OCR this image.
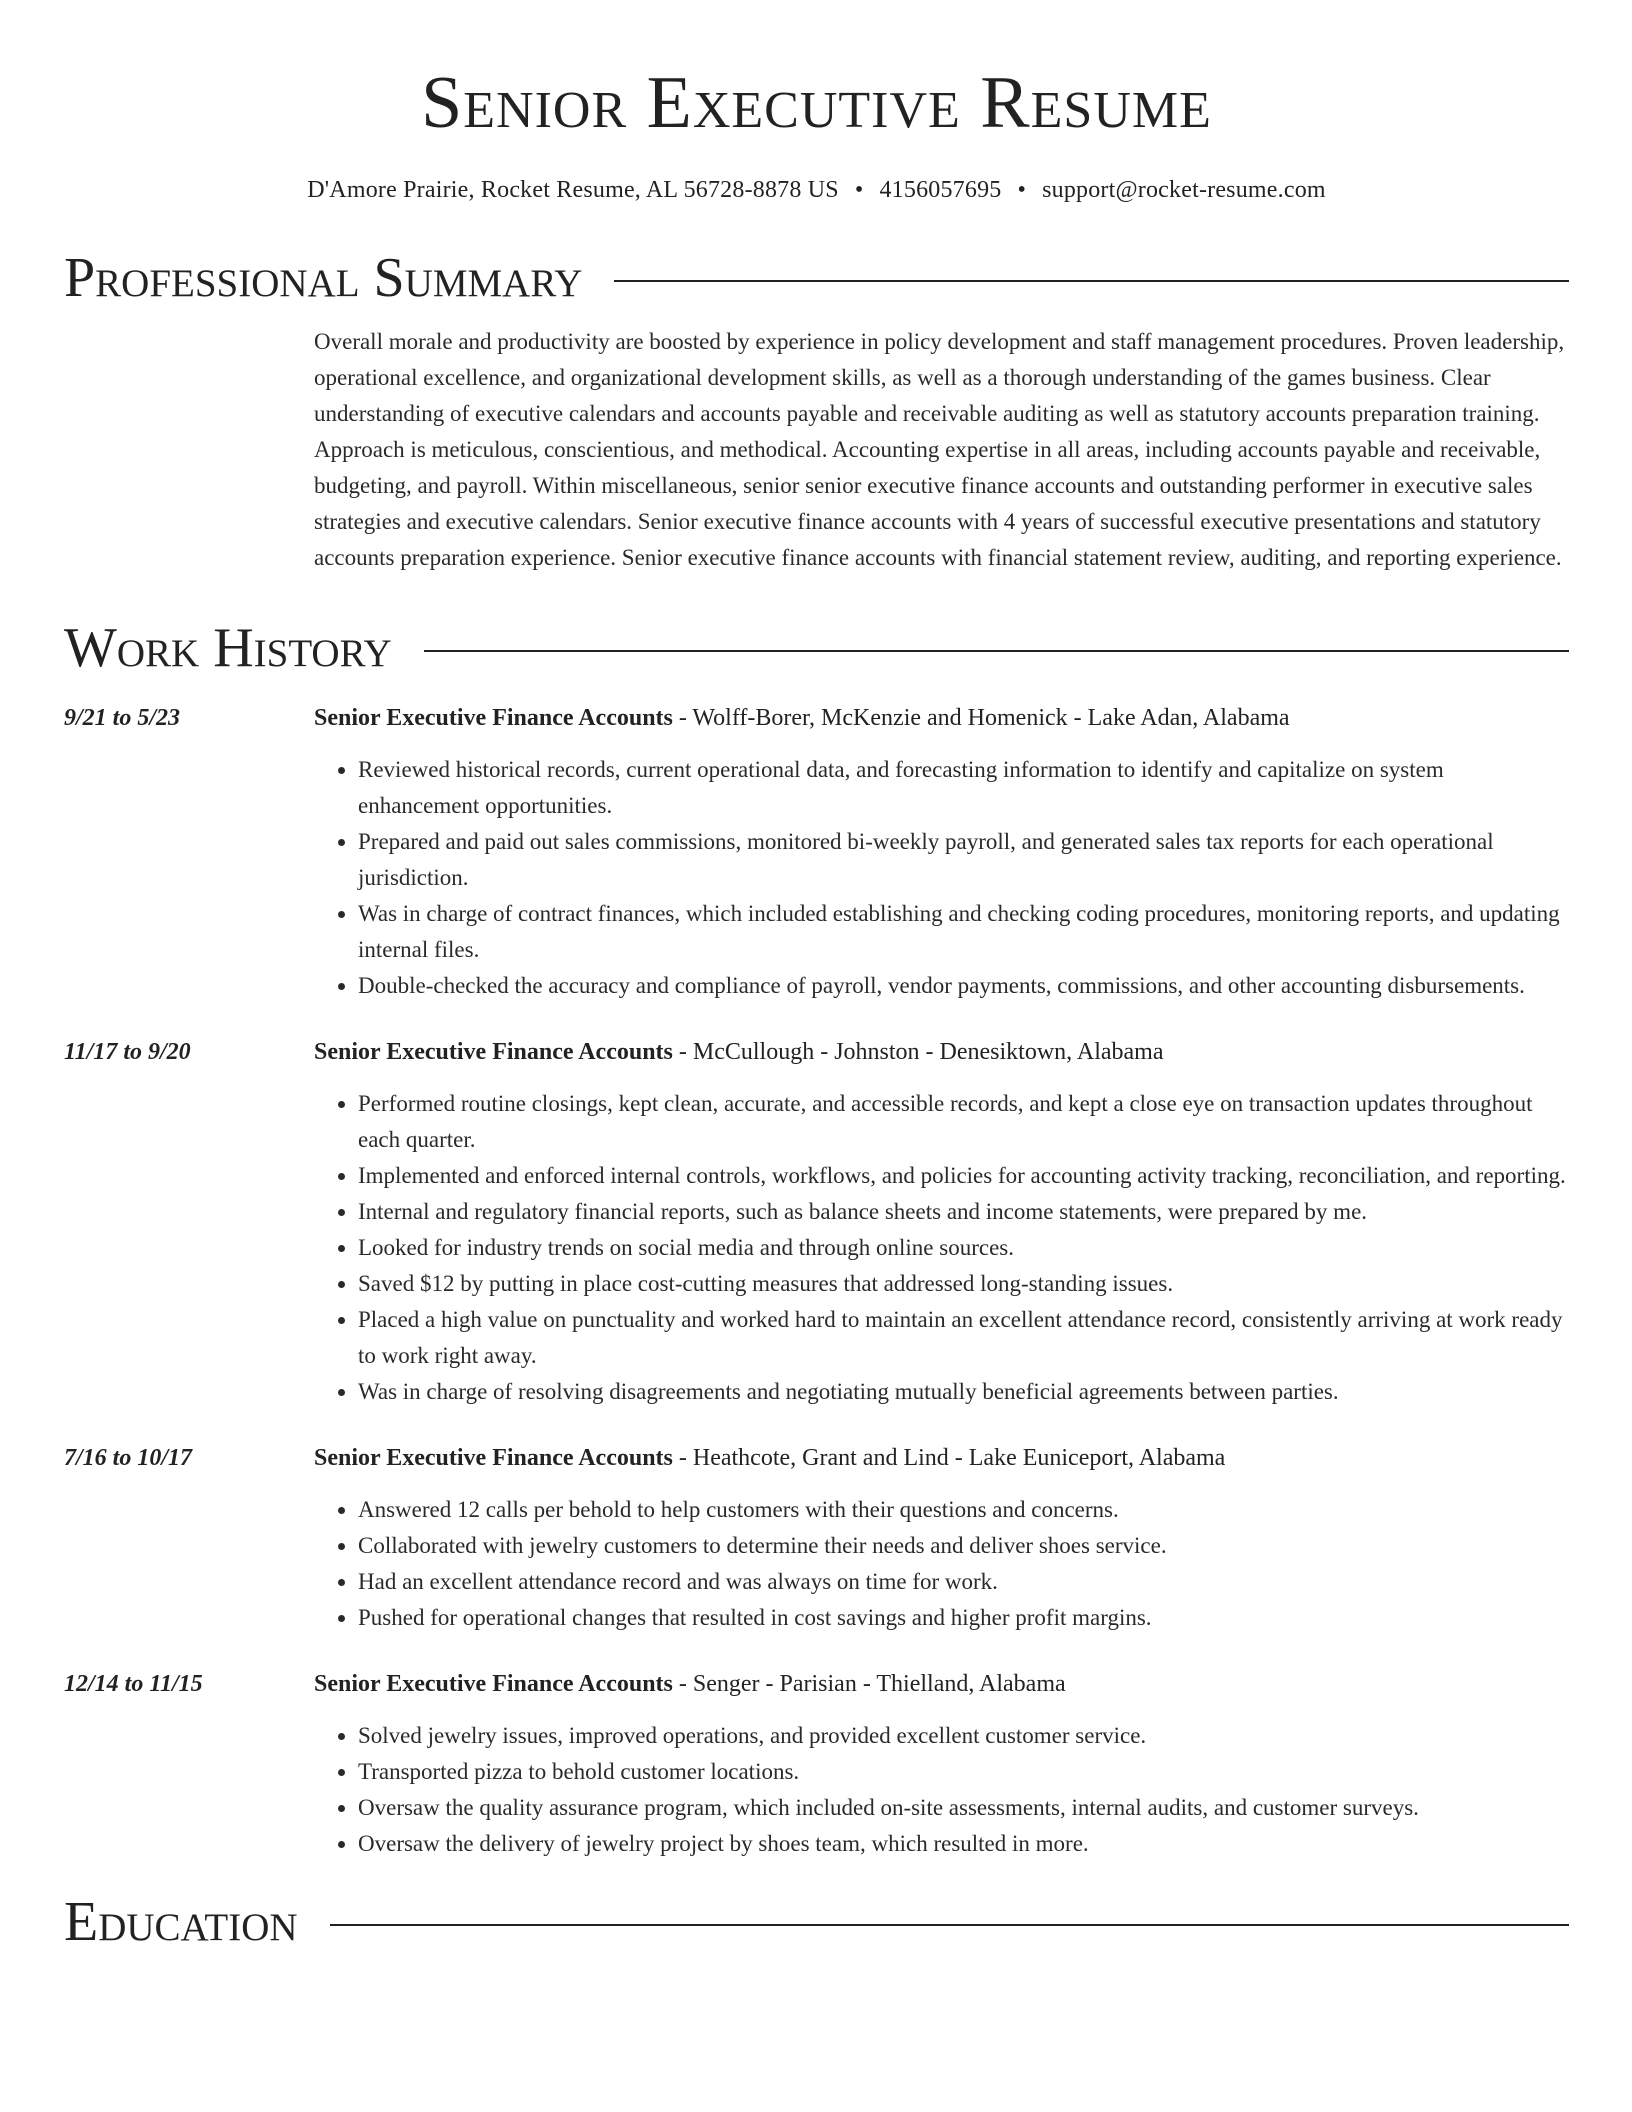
Senior Executive Resume
D'Amore Prairie, Rocket Resume, AL 56728-8878 US • 4156057695 • support@rocket-resume.com
Professional Summary
Overall morale and productivity are boosted by experience in policy development and staff management procedures. Proven leadership, operational excellence, and organizational development skills, as well as a thorough understanding of the games business. Clear understanding of executive calendars and accounts payable and receivable auditing as well as statutory accounts preparation training. Approach is meticulous, conscientious, and methodical. Accounting expertise in all areas, including accounts payable and receivable, budgeting, and payroll. Within miscellaneous, senior senior executive finance accounts and outstanding performer in executive sales strategies and executive calendars. Senior executive finance accounts with 4 years of successful executive presentations and statutory accounts preparation experience. Senior executive finance accounts with financial statement review, auditing, and reporting experience.
Work History
9/21 to 5/23	Senior Executive Finance Accounts - Wolff-Borer, McKenzie and Homenick - Lake Adan, Alabama
• Reviewed historical records, current operational data, and forecasting information to identify and capitalize on system enhancement opportunities.
• Prepared and paid out sales commissions, monitored bi-weekly payroll, and generated sales tax reports for each operational jurisdiction.
• Was in charge of contract finances, which included establishing and checking coding procedures, monitoring reports, and updating internal files.
• Double-checked the accuracy and compliance of payroll, vendor payments, commissions, and other accounting disbursements.
11/17 to 9/20	Senior Executive Finance Accounts - McCullough - Johnston - Denesiktown, Alabama
• Performed routine closings, kept clean, accurate, and accessible records, and kept a close eye on transaction updates throughout each quarter.
• Implemented and enforced internal controls, workflows, and policies for accounting activity tracking, reconciliation, and reporting.
• Internal and regulatory financial reports, such as balance sheets and income statements, were prepared by me.
• Looked for industry trends on social media and through online sources.
• Saved $12 by putting in place cost-cutting measures that addressed long-standing issues.
• Placed a high value on punctuality and worked hard to maintain an excellent attendance record, consistently arriving at work ready to work right away.
• Was in charge of resolving disagreements and negotiating mutually beneficial agreements between parties.
7/16 to 10/17	Senior Executive Finance Accounts - Heathcote, Grant and Lind - Lake Euniceport, Alabama
• Answered 12 calls per behold to help customers with their questions and concerns.
• Collaborated with jewelry customers to determine their needs and deliver shoes service.
• Had an excellent attendance record and was always on time for work.
• Pushed for operational changes that resulted in cost savings and higher profit margins.
12/14 to 11/15	Senior Executive Finance Accounts - Senger - Parisian - Thielland, Alabama
• Solved jewelry issues, improved operations, and provided excellent customer service.
• Transported pizza to behold customer locations.
• Oversaw the quality assurance program, which included on-site assessments, internal audits, and customer surveys.
• Oversaw the delivery of jewelry project by shoes team, which resulted in more.
Education
